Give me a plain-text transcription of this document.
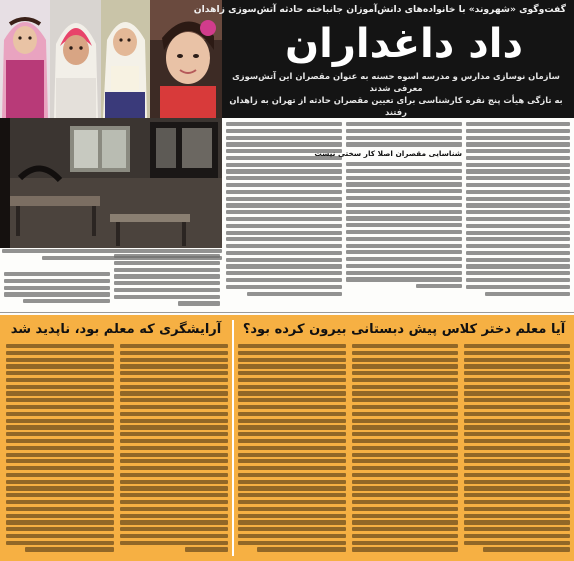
گفت‌وگوی «شهروند» با خانواده‌های دانش‌آموزان جانباخته حادثه آتش‌سوزی زاهدان
داد داغداران
سازمان نوسازی مدارس و مدرسه اسوه حسنه به عنوان مقصران این آتش‌سوزی معرفی شدند
به تازگی هیأت پنج نفره کارشناسی برای تعیین مقصران حادثه از تهران به زاهدان رفتند
شناسایی مقصران اصلا کار سختی نیست
آرایشگری که معلم بود، ناپدید شد	آیا معلم دختر کلاس پیش دبستانی بیرون کرده بود؟
